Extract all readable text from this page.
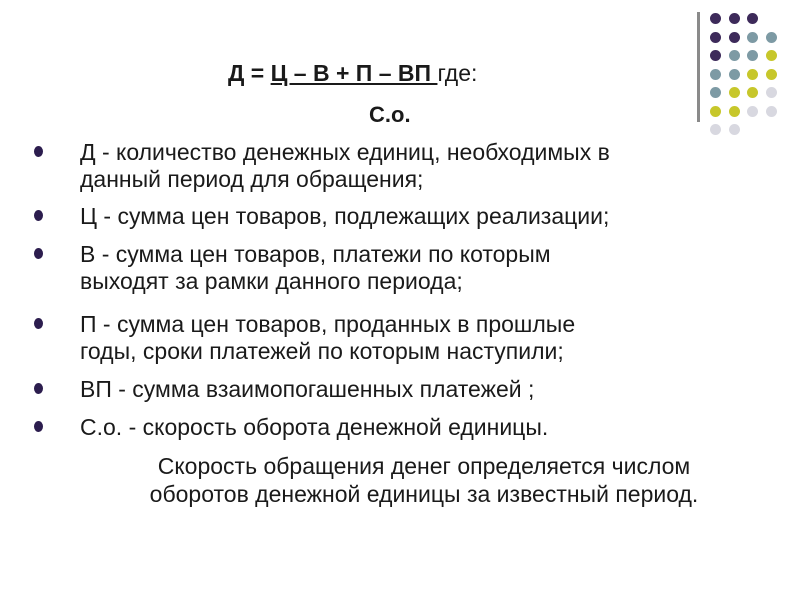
Д = Ц – В + П – ВП где:
С.о.
Д - количество денежных единиц, необходимых в
данный период для обращения;
Ц - сумма цен товаров, подлежащих реализации;
В - сумма цен товаров, платежи по которым
выходят за рамки данного периода;
П - сумма цен товаров, проданных в прошлые
годы, сроки платежей по которым наступили;
ВП - сумма взаимопогашенных платежей ;
С.о. - скорость оборота денежной единицы.
Скорость обращения денег определяется числом
оборотов денежной единицы за известный период.
